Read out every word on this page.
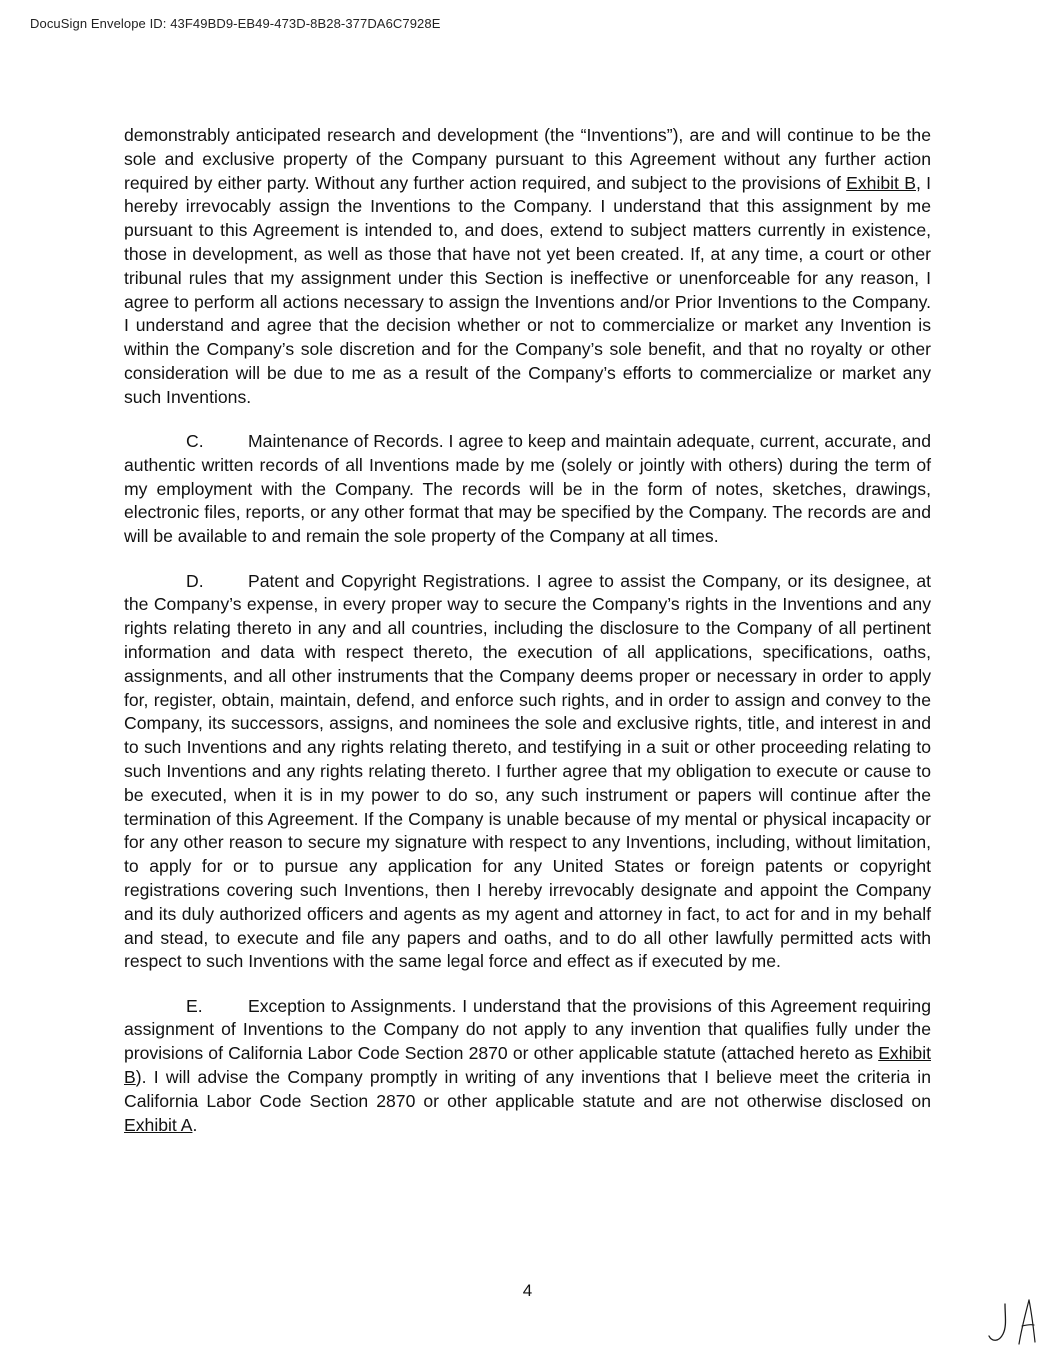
DocuSign Envelope ID: 43F49BD9-EB49-473D-8B28-377DA6C7928E

demonstrably anticipated research and development (the “Inventions”), are and will continue to be the sole and exclusive property of the Company pursuant to this Agreement without any further action required by either party. Without any further action required, and subject to the provisions of Exhibit B, I hereby irrevocably assign the Inventions to the Company. I understand that this assignment by me pursuant to this Agreement is intended to, and does, extend to subject matters currently in existence, those in development, as well as those that have not yet been created. If, at any time, a court or other tribunal rules that my assignment under this Section is ineffective or unenforceable for any reason, I agree to perform all actions necessary to assign the Inventions and/or Prior Inventions to the Company. I understand and agree that the decision whether or not to commercialize or market any Invention is within the Company’s sole discretion and for the Company’s sole benefit, and that no royalty or other consideration will be due to me as a result of the Company’s efforts to commercialize or market any such Inventions.

C.	Maintenance of Records. I agree to keep and maintain adequate, current, accurate, and authentic written records of all Inventions made by me (solely or jointly with others) during the term of my employment with the Company. The records will be in the form of notes, sketches, drawings, electronic files, reports, or any other format that may be specified by the Company. The records are and will be available to and remain the sole property of the Company at all times.

D.	Patent and Copyright Registrations. I agree to assist the Company, or its designee, at the Company’s expense, in every proper way to secure the Company’s rights in the Inventions and any rights relating thereto in any and all countries, including the disclosure to the Company of all pertinent information and data with respect thereto, the execution of all applications, specifications, oaths, assignments, and all other instruments that the Company deems proper or necessary in order to apply for, register, obtain, maintain, defend, and enforce such rights, and in order to assign and convey to the Company, its successors, assigns, and nominees the sole and exclusive rights, title, and interest in and to such Inventions and any rights relating thereto, and testifying in a suit or other proceeding relating to such Inventions and any rights relating thereto. I further agree that my obligation to execute or cause to be executed, when it is in my power to do so, any such instrument or papers will continue after the termination of this Agreement. If the Company is unable because of my mental or physical incapacity or for any other reason to secure my signature with respect to any Inventions, including, without limitation, to apply for or to pursue any application for any United States or foreign patents or copyright registrations covering such Inventions, then I hereby irrevocably designate and appoint the Company and its duly authorized officers and agents as my agent and attorney in fact, to act for and in my behalf and stead, to execute and file any papers and oaths, and to do all other lawfully permitted acts with respect to such Inventions with the same legal force and effect as if executed by me.

E.	Exception to Assignments. I understand that the provisions of this Agreement requiring assignment of Inventions to the Company do not apply to any invention that qualifies fully under the provisions of California Labor Code Section 2870 or other applicable statute (attached hereto as Exhibit B). I will advise the Company promptly in writing of any inventions that I believe meet the criteria in California Labor Code Section 2870 or other applicable statute and are not otherwise disclosed on Exhibit A.

4
